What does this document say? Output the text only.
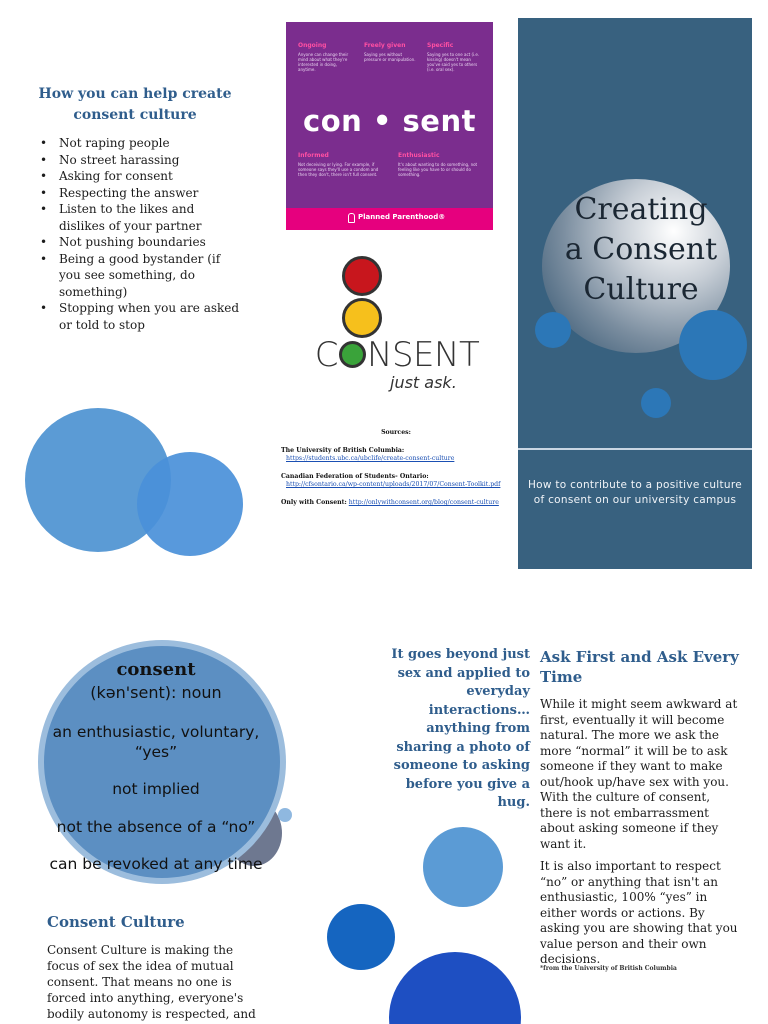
How you can help create consent culture
• Not raping people
• No street harassing
• Asking for consent
• Respecting the answer
• Listen to the likes and dislikes of your partner
• Not pushing boundaries
• Being a good bystander (if you see something, do something)
• Stopping when you are asked or told to stop
Ongoing
Anyone can change their mind about what they're interested in doing, anytime.
Freely given
Saying yes without pressure or manipulation.
Specific
Saying yes to one act (i.e. kissing) doesn't mean you've said yes to others (i.e. oral sex).
con • sent
Informed
Not deceiving or lying. For example, if someone says they'll use a condom and then they don't, there isn't full consent.
Enthusiastic
It's about wanting to do something, not feeling like you have to or should do something.
Planned Parenthood®
C NSENT
just ask.
Sources:
The University of British Columbia:
https://students.ubc.ca/ubclife/create-consent-culture
Canadian Federation of Students- Ontario:
http://cfsontario.ca/wp-content/uploads/2017/07/Consent-Toolkit.pdf
Only with Consent: http://onlywithconsent.org/blog/consent-culture
Creating
a Consent
Culture
How to contribute to a positive culture of consent on our university campus
consent
(kən'sent): noun
an enthusiastic, voluntary, “yes”
not implied
not the absence of a “no”
can be revoked at any time
Consent Culture

Consent Culture is making the focus of sex the idea of mutual consent. That means no one is forced into anything, everyone's bodily autonomy is respected, and

It goes beyond just sex and applied to everyday interactions… anything from sharing a photo of someone to asking before you give a hug.

Ask First and Ask Every Time

While it might seem awkward at first, eventually it will become natural. The more we ask the more “normal” it will be to ask someone if they want to make out/hook up/have sex with you. With the culture of consent, there is not embarrassment about asking someone if they want it.

It is also important to respect “no” or anything that isn't an enthusiastic, 100% “yes” in either words or actions. By asking you are showing that you value person and their own decisions.

*from the University of British Columbia
